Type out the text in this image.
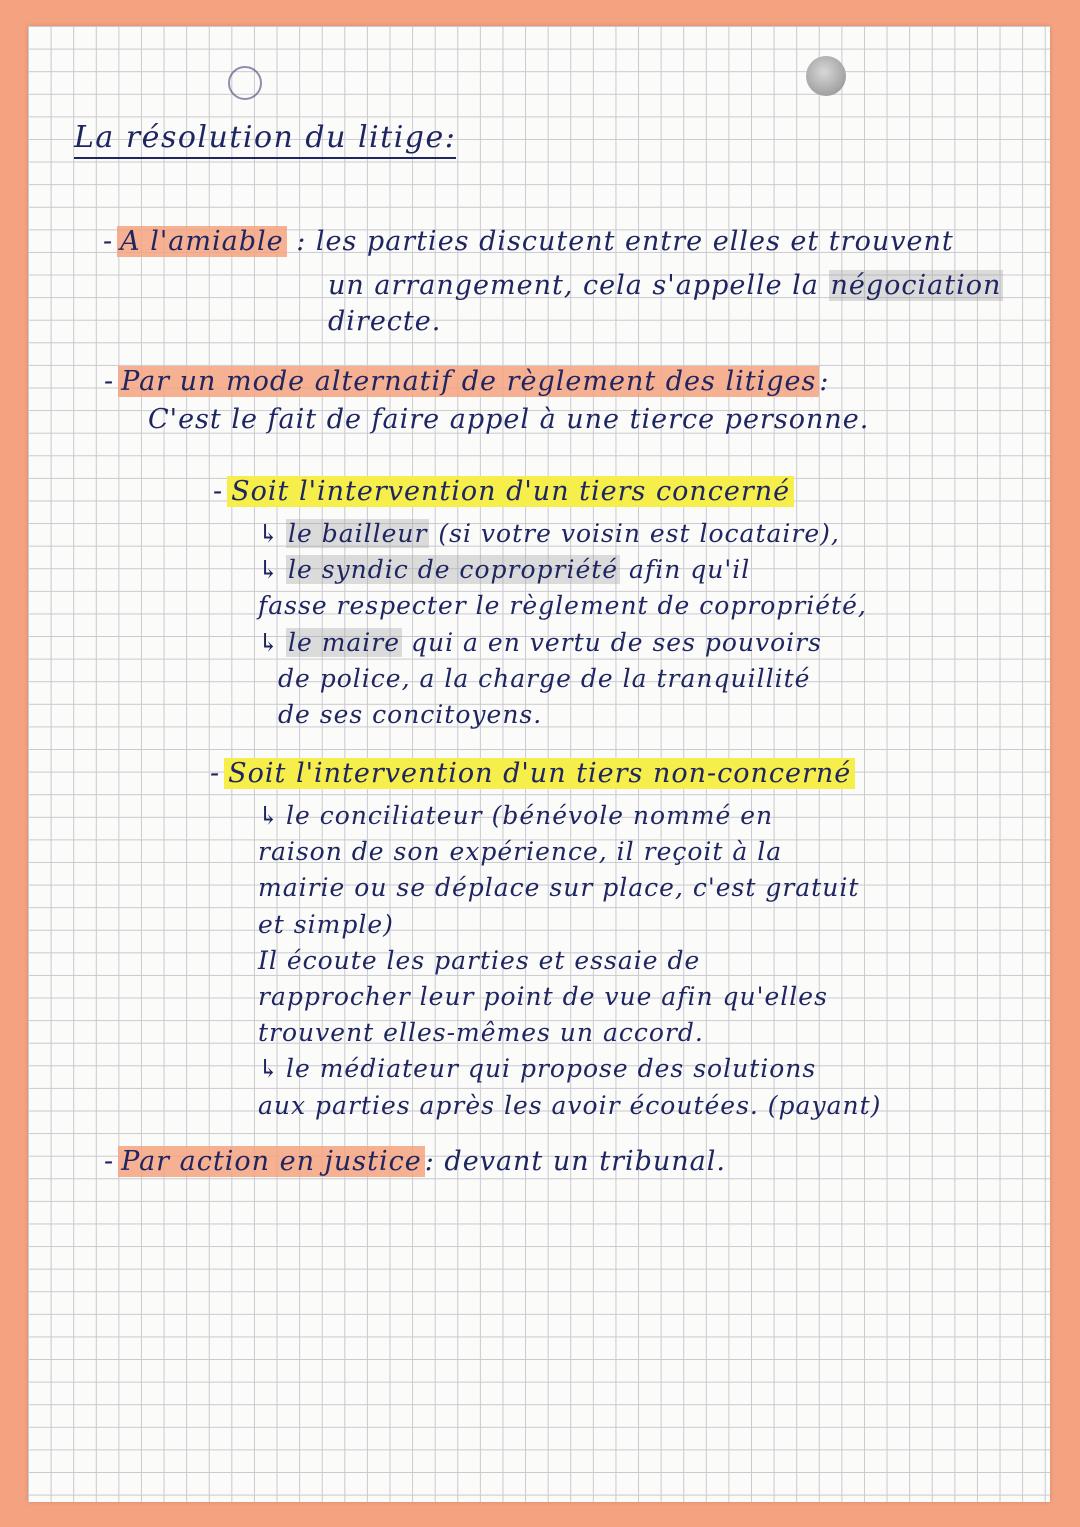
La résolution du litige:
- A l'amiable : les parties discutent entre elles et trouvent
un arrangement, cela s'appelle la négociation
directe.
- Par un mode alternatif de règlement des litiges :
C'est le fait de faire appel à une tierce personne.
- Soit l'intervention d'un tiers concerné
↳ le bailleur (si votre voisin est locataire),
↳ le syndic de copropriété afin qu'il
fasse respecter le règlement de copropriété,
↳ le maire qui a en vertu de ses pouvoirs
de police, a la charge de la tranquillité
de ses concitoyens.
- Soit l'intervention d'un tiers non-concerné
↳ le conciliateur (bénévole nommé en
raison de son expérience, il reçoit à la
mairie ou se déplace sur place, c'est gratuit
et simple)
Il écoute les parties et essaie de
rapprocher leur point de vue afin qu'elles
trouvent elles-mêmes un accord.
↳ le médiateur qui propose des solutions
aux parties après les avoir écoutées. (payant)
- Par action en justice : devant un tribunal.
